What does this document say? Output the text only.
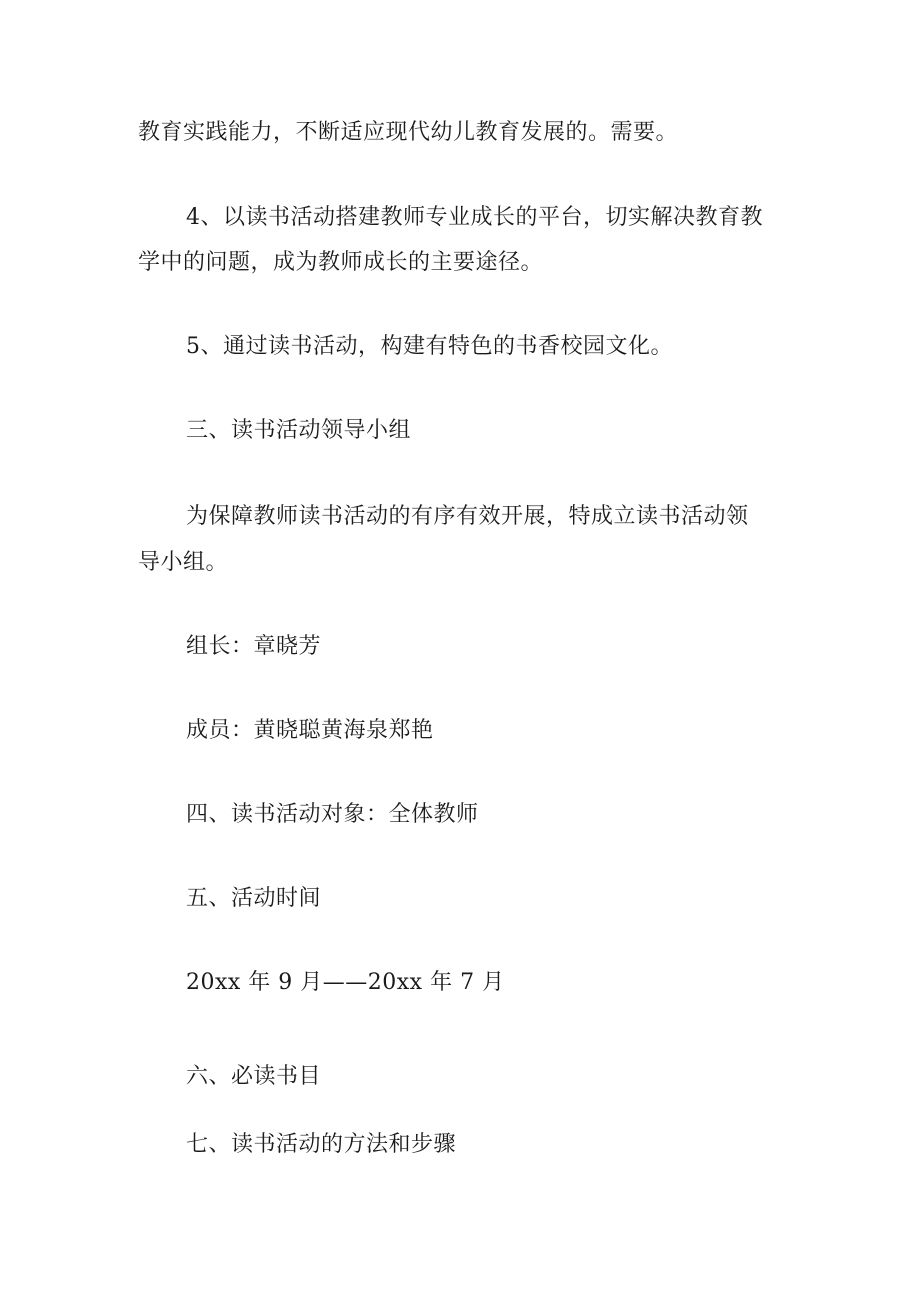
教育实践能力，不断适应现代幼儿教育发展的。需要。
4、以读书活动搭建教师专业成长的平台，切实解决教育教
学中的问题，成为教师成长的主要途径。
5、通过读书活动，构建有特色的书香校园文化。
三、读书活动领导小组
为保障教师读书活动的有序有效开展，特成立读书活动领
导小组。
组长：章晓芳
成员：黄晓聪黄海泉郑艳
四、读书活动对象：全体教师
五、活动时间
20xx 年 9 月——20xx 年 7 月
六、必读书目
七、读书活动的方法和步骤
